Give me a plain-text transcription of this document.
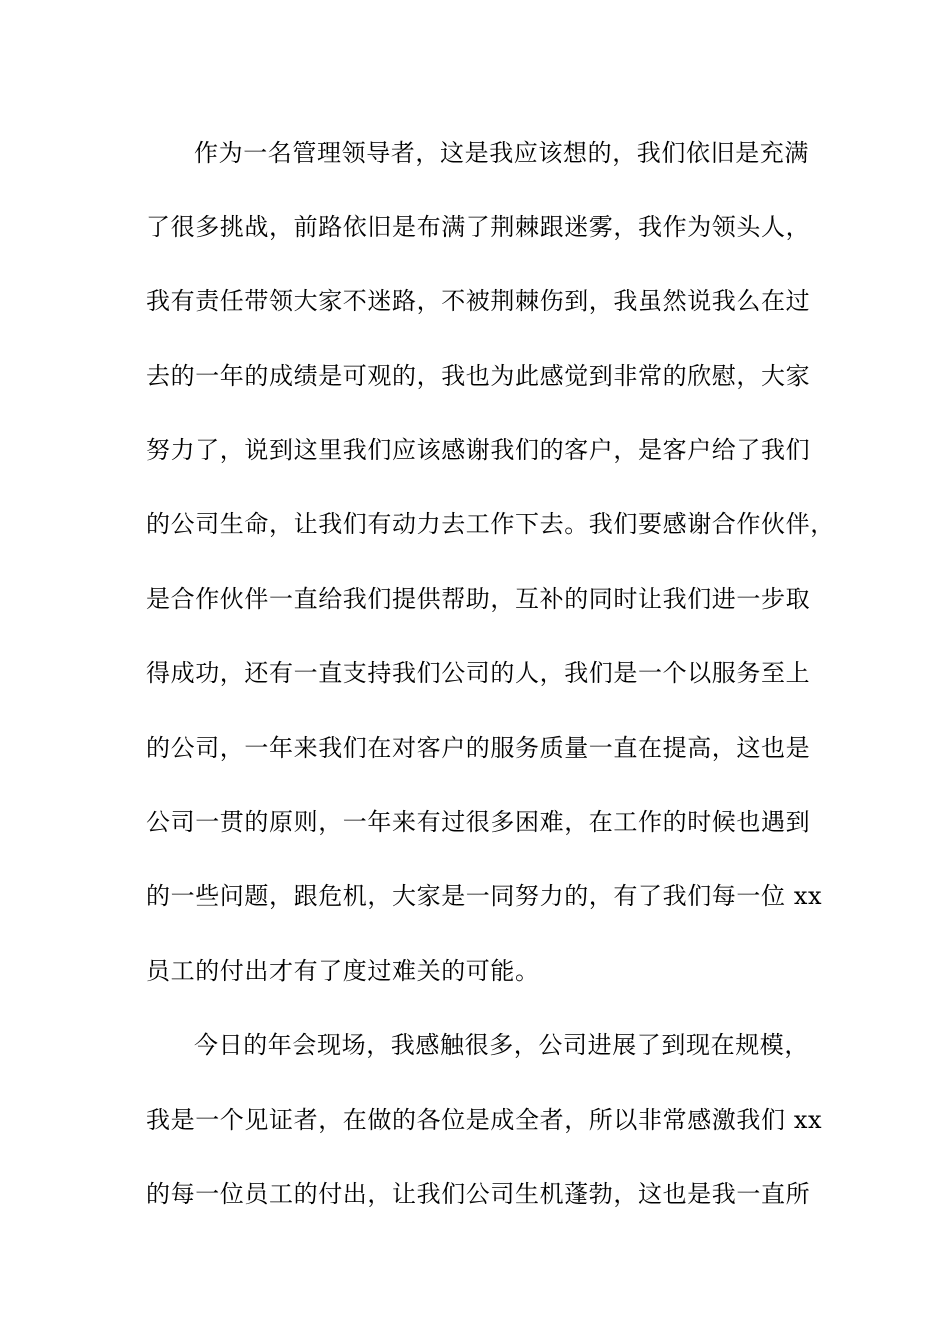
作为一名管理领导者，这是我应该想的，我们依旧是充满
了很多挑战，前路依旧是布满了荆棘跟迷雾，我作为领头人，
我有责任带领大家不迷路，不被荆棘伤到，我虽然说我么在过
去的一年的成绩是可观的，我也为此感觉到非常的欣慰，大家
努力了，说到这里我们应该感谢我们的客户，是客户给了我们
的公司生命，让我们有动力去工作下去。我们要感谢合作伙伴，
是合作伙伴一直给我们提供帮助，互补的同时让我们进一步取
得成功，还有一直支持我们公司的人，我们是一个以服务至上
的公司，一年来我们在对客户的服务质量一直在提高，这也是
公司一贯的原则，一年来有过很多困难，在工作的时候也遇到
的一些问题，跟危机，大家是一同努力的，有了我们每一位 xx
员工的付出才有了度过难关的可能。
今日的年会现场，我感触很多，公司进展了到现在规模，
我是一个见证者，在做的各位是成全者，所以非常感激我们 xx
的每一位员工的付出，让我们公司生机蓬勃，这也是我一直所
